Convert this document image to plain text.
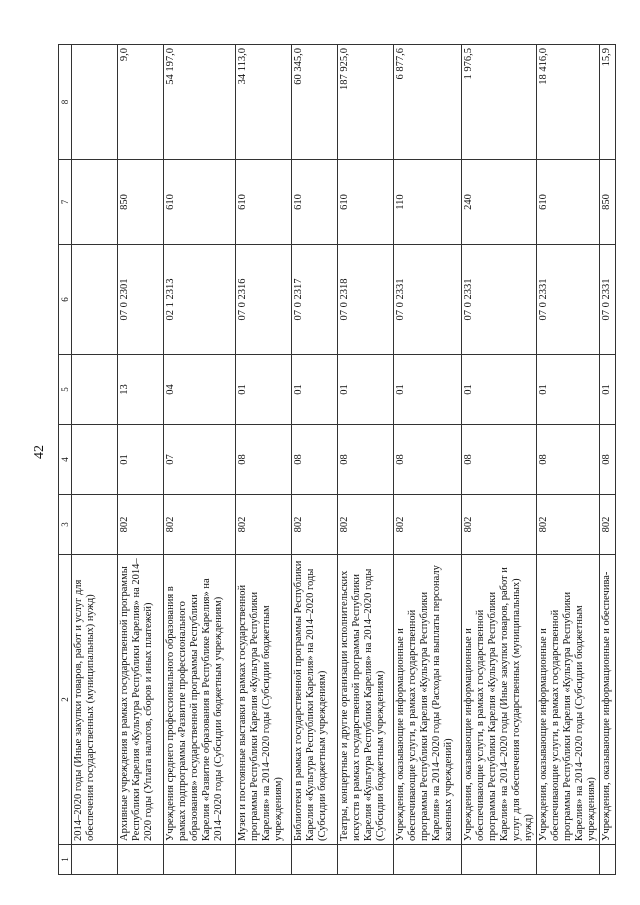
42
1	2	3	4	5	6	7	8
	2014–2020 годы (Иные закупки товаров, работ и услуг для обеспечения государственных (муниципальных) нужд)						
	Архивные учреждения в рамках государственной программы Республики Карелия «Культура Республики Карелия» на 2014–2020 годы (Уплата налогов, сборов и иных платежей)	802	01	13	07 0 2301	850	9,0
	Учреждения среднего профессионального образования в рамках подпрограммы «Развитие профессионального образования» государственной программы Республики Карелия «Развитие образования в Республике Карелия» на 2014–2020 годы (Субсидии бюджетным учреждениям)	802	07	04	02 1 2313	610	54 197,0
	Музеи и постоянные выставки в рамках государственной программы Республики Карелия «Культура Республики Карелия» на 2014–2020 годы (Субсидии бюджетным учреждениям)	802	08	01	07 0 2316	610	34 113,0
	Библиотеки в рамках государственной программы Республики Карелия «Культура Республики Карелия» на 2014–2020 годы (Субсидии бюджетным учреждениям)	802	08	01	07 0 2317	610	60 345,0
	Театры, концертные и другие организации исполнительских искусств в рамках государственной программы Республики Карелия «Культура Республики Карелия» на 2014–2020 годы (Субсидии бюджетным учреждениям)	802	08	01	07 0 2318	610	187 925,0
	Учреждения, оказывающие информационные и обеспечивающие услуги, в рамках государственной программы Республики Карелия «Культура Республики Карелия» на 2014–2020 годы (Расходы на выплаты персоналу казенных учреждений)	802	08	01	07 0 2331	110	6 877,6
	Учреждения, оказывающие информационные и обеспечивающие услуги, в рамках государственной программы Республики Карелия «Культура Республики Карелия» на 2014–2020 годы (Иные закупки товаров, работ и услуг для обеспечения государственных (муниципальных) нужд)	802	08	01	07 0 2331	240	1 976,5
	Учреждения, оказывающие информационные и обеспечивающие услуги, в рамках государственной программы Республики Карелия «Культура Республики Карелия» на 2014–2020 годы (Субсидии бюджетным учреждениям)	802	08	01	07 0 2331	610	18 416,0
	Учреждения, оказывающие информационные и обеспечива-	802	08	01	07 0 2331	850	15,9
